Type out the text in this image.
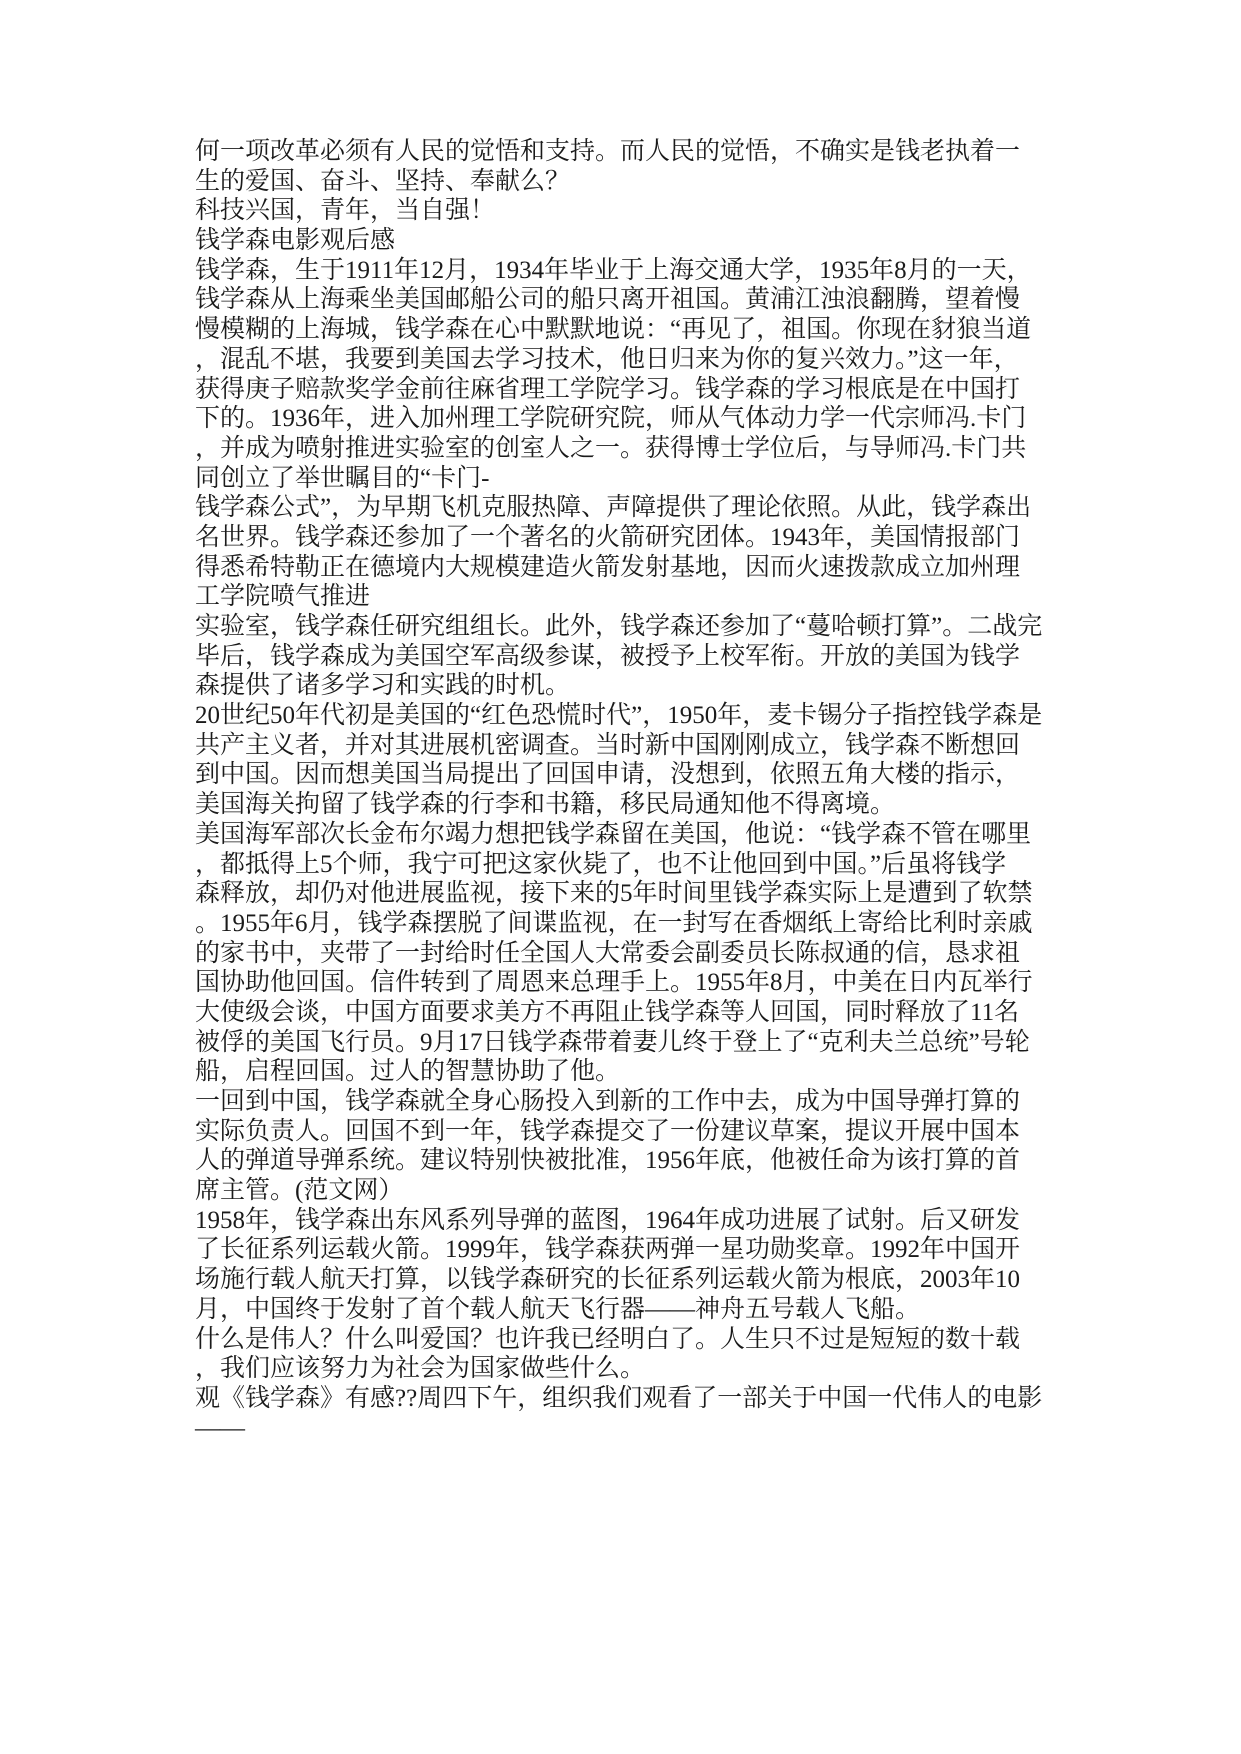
何一项改革必须有人民的觉悟和支持。而人民的觉悟，不确实是钱老执着一
生的爱国、奋斗、坚持、奉献么？
科技兴国，青年，当自强！
钱学森电影观后感
钱学森，生于1911年12月，1934年毕业于上海交通大学，1935年8月的一天，
钱学森从上海乘坐美国邮船公司的船只离开祖国。黄浦江浊浪翻腾，望着慢
慢模糊的上海城，钱学森在心中默默地说：“再见了，祖国。你现在豺狼当道
，混乱不堪，我要到美国去学习技术，他日归来为你的复兴效力。”这一年，
获得庚子赔款奖学金前往麻省理工学院学习。钱学森的学习根底是在中国打
下的。1936年，进入加州理工学院研究院，师从气体动力学一代宗师冯.卡门
，并成为喷射推进实验室的创室人之一。获得博士学位后，与导师冯.卡门共
同创立了举世瞩目的“卡门-
钱学森公式”，为早期飞机克服热障、声障提供了理论依照。从此，钱学森出
名世界。钱学森还参加了一个著名的火箭研究团体。1943年，美国情报部门
得悉希特勒正在德境内大规模建造火箭发射基地，因而火速拨款成立加州理
工学院喷气推进
实验室，钱学森任研究组组长。此外，钱学森还参加了“蔓哈顿打算”。二战完
毕后，钱学森成为美国空军高级参谋，被授予上校军衔。开放的美国为钱学
森提供了诸多学习和实践的时机。
20世纪50年代初是美国的“红色恐慌时代”，1950年，麦卡锡分子指控钱学森是
共产主义者，并对其进展机密调查。当时新中国刚刚成立，钱学森不断想回
到中国。因而想美国当局提出了回国申请，没想到，依照五角大楼的指示，
美国海关拘留了钱学森的行李和书籍，移民局通知他不得离境。
美国海军部次长金布尔竭力想把钱学森留在美国，他说：“钱学森不管在哪里
，都抵得上5个师，我宁可把这家伙毙了，也不让他回到中国。”后虽将钱学
森释放，却仍对他进展监视，接下来的5年时间里钱学森实际上是遭到了软禁
。1955年6月，钱学森摆脱了间谍监视，在一封写在香烟纸上寄给比利时亲戚
的家书中，夹带了一封给时任全国人大常委会副委员长陈叔通的信，恳求祖
国协助他回国。信件转到了周恩来总理手上。1955年8月，中美在日内瓦举行
大使级会谈，中国方面要求美方不再阻止钱学森等人回国，同时释放了11名
被俘的美国飞行员。9月17日钱学森带着妻儿终于登上了“克利夫兰总统”号轮
船，启程回国。过人的智慧协助了他。
一回到中国，钱学森就全身心肠投入到新的工作中去，成为中国导弹打算的
实际负责人。回国不到一年，钱学森提交了一份建议草案，提议开展中国本
人的弹道导弹系统。建议特别快被批准，1956年底，他被任命为该打算的首
席主管。(范文网）
1958年，钱学森出东风系列导弹的蓝图，1964年成功进展了试射。后又研发
了长征系列运载火箭。1999年，钱学森获两弹一星功勋奖章。1992年中国开
场施行载人航天打算，以钱学森研究的长征系列运载火箭为根底，2003年10
月，中国终于发射了首个载人航天飞行器——神舟五号载人飞船。
什么是伟人？什么叫爱国？也许我已经明白了。人生只不过是短短的数十载
，我们应该努力为社会为国家做些什么。
观《钱学森》有感??周四下午，组织我们观看了一部关于中国一代伟人的电影
——
